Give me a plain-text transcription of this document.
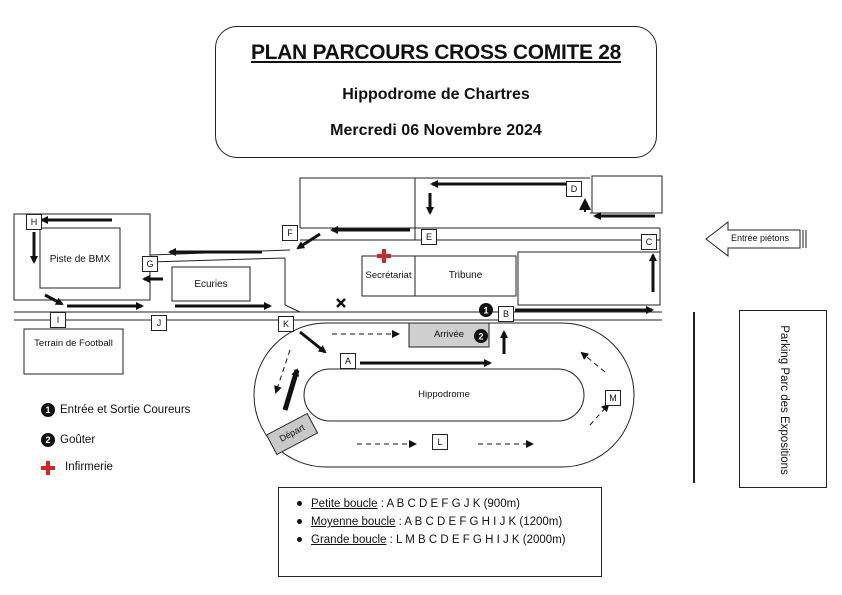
PLAN PARCOURS CROSS COMITE 28
Hippodrome de Chartres
Mercredi 06 Novembre 2024
1
2
Piste de BMX
Ecuries
Secrétariat	Tribune
Terrain de Football
Hippodrome
Arrivée
Départ
Entrée piétons
Parking Parc des Expositions
D
E
F
C
H
G
I	J	K
B
A
M
L
1 Entrée et Sortie Coureurs
2 Goûter
Infirmerie
Petite boucle : A B C D E F G J K (900m)
Moyenne boucle : A B C D E F G H I J K (1200m)
Grande boucle : L M B C D E F G H I J K (2000m)
